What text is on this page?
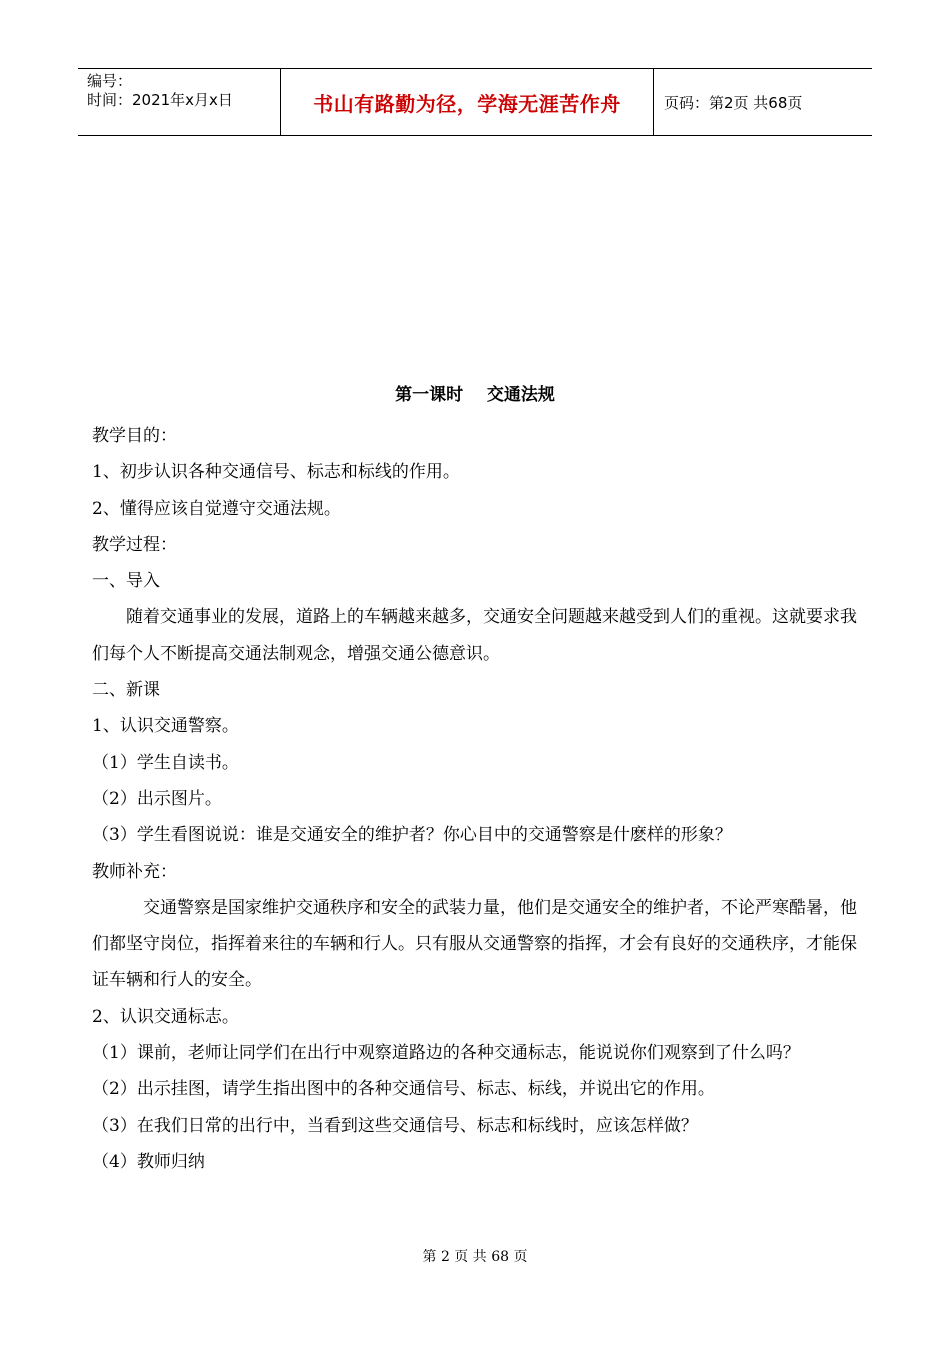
编号：
时间：2021年x月x日	书山有路勤为径，学海无涯苦作舟	页码：第2页 共68页
第一课时    交通法规

教学目的：

1、初步认识各种交通信号、标志和标线的作用。

2、懂得应该自觉遵守交通法规。

教学过程：

一、导入

随着交通事业的发展，道路上的车辆越来越多，交通安全问题越来越受到人们的重视。这就要求我们每个人不断提高交通法制观念，增强交通公德意识。

二、新课

1、认识交通警察。

（1）学生自读书。

（2）出示图片。

（3）学生看图说说：谁是交通安全的维护者？你心目中的交通警察是什麽样的形象？

教师补充：

交通警察是国家维护交通秩序和安全的武装力量，他们是交通安全的维护者，不论严寒酷暑，他们都坚守岗位，指挥着来往的车辆和行人。只有服从交通警察的指挥，才会有良好的交通秩序，才能保证车辆和行人的安全。

2、认识交通标志。

（1）课前，老师让同学们在出行中观察道路边的各种交通标志，能说说你们观察到了什么吗？

（2）出示挂图，请学生指出图中的各种交通信号、标志、标线，并说出它的作用。

（3）在我们日常的出行中，当看到这些交通信号、标志和标线时，应该怎样做？

（4）教师归纳

第 2 页 共 68 页
